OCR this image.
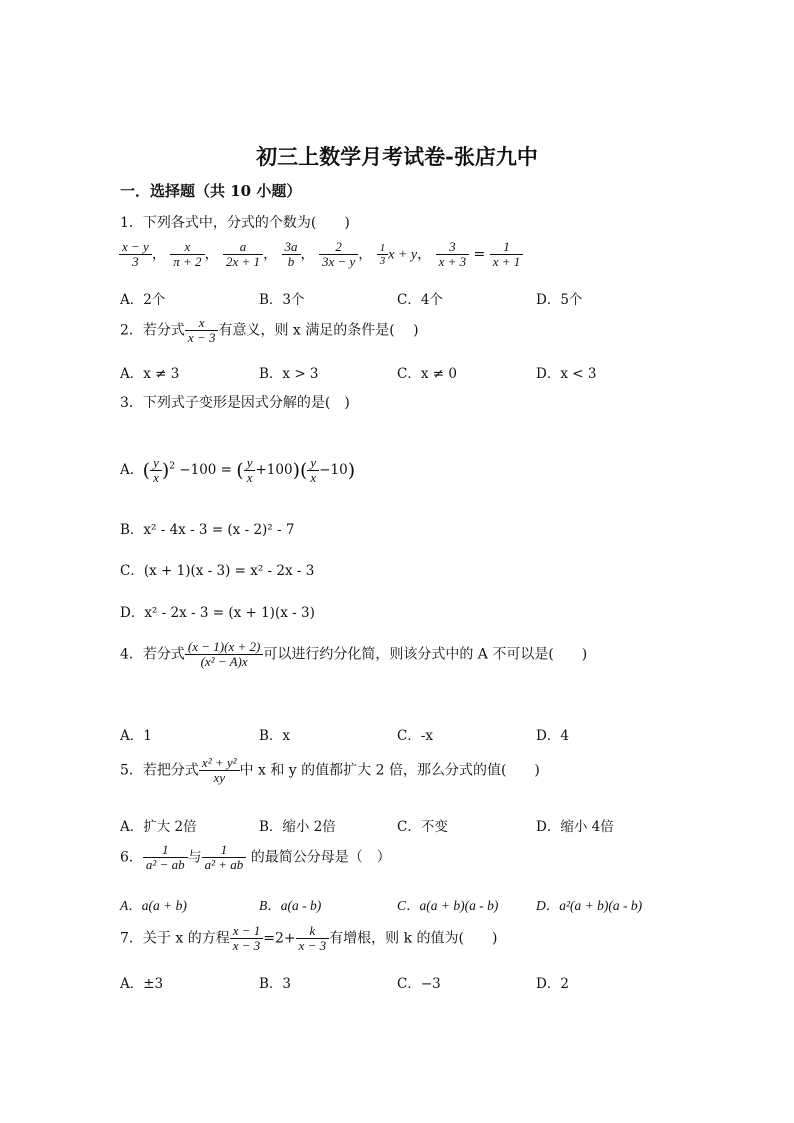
初三上数学月考试卷-张店九中
一．选择题（共 10 小题）
1．下列各式中，分式的个数为(　　)
$\frac{x - y}{3}$ ， $\frac{x}{\pi + 2}$ ， $\frac{a}{2x + 1}$ ， $\frac{3a}{b}$ ， $\frac{2}{3x - y}$ ， $\frac{1}{3}$ x + y， $\frac{3}{x + 3} = \frac{1}{x + 1}$
A．2个	B．3个	C．4个	D．5个
2．若分式 $\frac{x}{x - 3}$ 有意义，则 x 满足的条件是(　 )
A．x ≠ 3	B．x > 3	C．x ≠ 0	D．x < 3
3．下列式子变形是因式分解的是(　)
A. ( $\frac{y}{x} )^2 -100$ = ( $\frac{y}{x} +100)( \frac{y}{x} -10)$
B．x² - 4x - 3 = (x - 2)² - 7
C．(x + 1)(x - 3) = x² - 2x - 3
D．x² - 2x - 3 = (x + 1)(x - 3)
4．若分式 $\frac{(x - 1)(x + 2)}{\text{(x² − A)x}}$ 可以进行约分化简，则该分式中的 A 不可以是(　　)
A．1	B．x	C．-x	D．4
5．若把分式 $\frac{\text{x² + y²}}{xy}$ 中 x 和 y 的值都扩大 2 倍，那么分式的值(　　)
A．扩大 2倍	B．缩小 2倍	C．不变	D．缩小 4倍
6． $\frac{1}{\text{a² − ab}}$ 与 $\frac{1}{\text{a² + ab}}$ 的最简公分母是（　）
A．a(a + b)	B．a(a - b)	C．a(a + b)(a - b)	D．a²(a + b)(a - b)
7．关于 x 的方程 $\frac{x - 1}{x - 3} =2+ \frac{k}{x - 3}$ 有增根，则 k 的值为(　　)
A．±3	B．3	C．−3	D．2
